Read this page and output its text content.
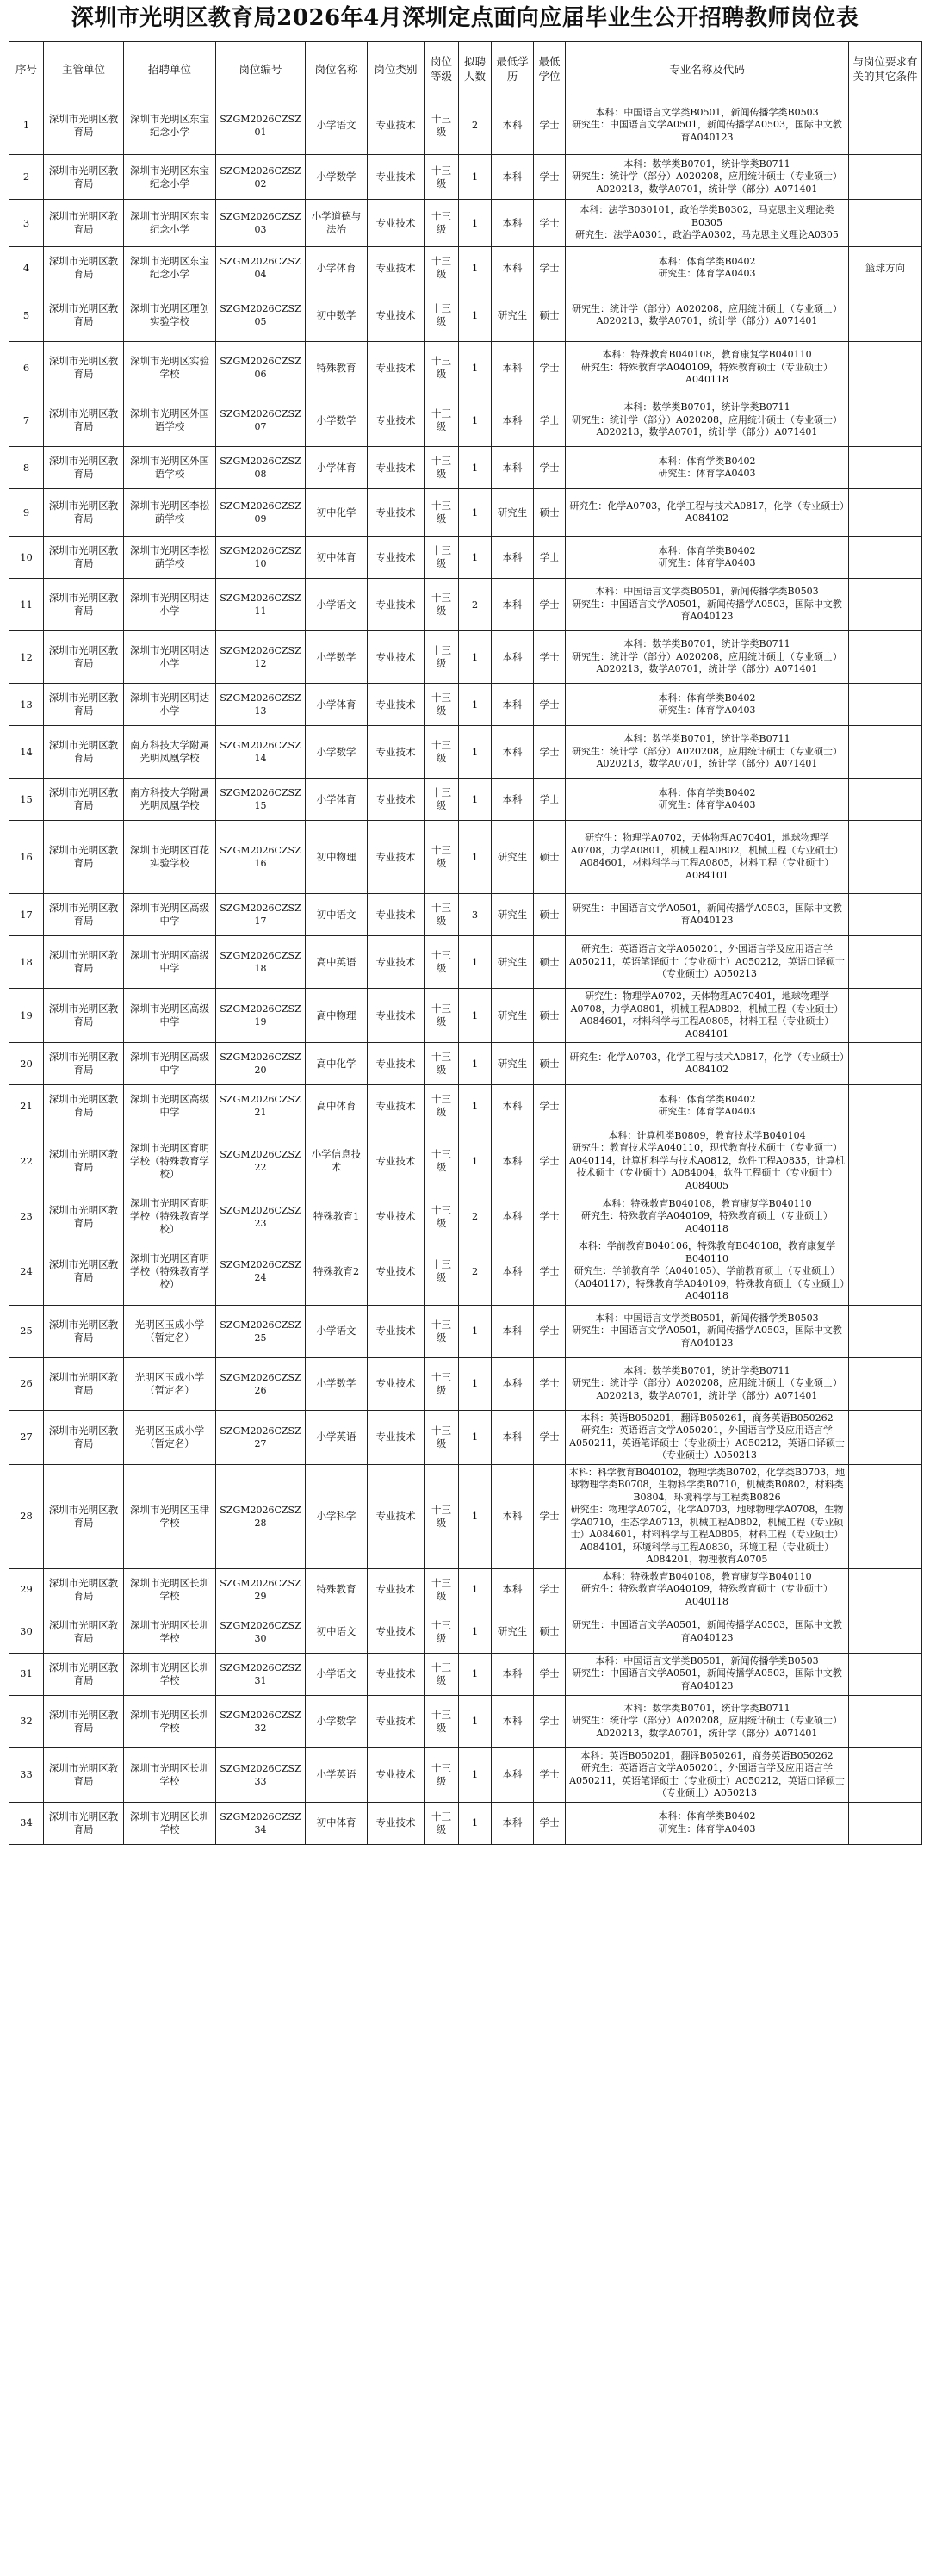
深圳市光明区教育局2026年4月深圳定点面向应届毕业生公开招聘教师岗位表
序号	主管单位	招聘单位	岗位编号	岗位名称	岗位类别	岗位等级	拟聘人数	最低学历	最低学位	专业名称及代码	与岗位要求有关的其它条件
1	深圳市光明区教育局	深圳市光明区东宝纪念小学	SZGM2026CZSZ01	小学语文	专业技术	十三级	2	本科	学士	本科：中国语言文学类B0501，新闻传播学类B0503
研究生：中国语言文学A0501，新闻传播学A0503，国际中文教育A040123	
2	深圳市光明区教育局	深圳市光明区东宝纪念小学	SZGM2026CZSZ02	小学数学	专业技术	十三级	1	本科	学士	本科：数学类B0701，统计学类B0711
研究生：统计学（部分）A020208，应用统计硕士（专业硕士）A020213，数学A0701，统计学（部分）A071401	
3	深圳市光明区教育局	深圳市光明区东宝纪念小学	SZGM2026CZSZ03	小学道德与法治	专业技术	十三级	1	本科	学士	本科：法学B030101，政治学类B0302，马克思主义理论类B0305
研究生：法学A0301，政治学A0302，马克思主义理论A0305	
4	深圳市光明区教育局	深圳市光明区东宝纪念小学	SZGM2026CZSZ04	小学体育	专业技术	十三级	1	本科	学士	本科：体育学类B0402
研究生：体育学A0403	篮球方向
5	深圳市光明区教育局	深圳市光明区理创实验学校	SZGM2026CZSZ05	初中数学	专业技术	十三级	1	研究生	硕士	研究生：统计学（部分）A020208，应用统计硕士（专业硕士）A020213，数学A0701，统计学（部分）A071401	
6	深圳市光明区教育局	深圳市光明区实验学校	SZGM2026CZSZ06	特殊教育	专业技术	十三级	1	本科	学士	本科：特殊教育B040108，教育康复学B040110
研究生：特殊教育学A040109，特殊教育硕士（专业硕士）A040118	
7	深圳市光明区教育局	深圳市光明区外国语学校	SZGM2026CZSZ07	小学数学	专业技术	十三级	1	本科	学士	本科：数学类B0701，统计学类B0711
研究生：统计学（部分）A020208，应用统计硕士（专业硕士）A020213，数学A0701，统计学（部分）A071401	
8	深圳市光明区教育局	深圳市光明区外国语学校	SZGM2026CZSZ08	小学体育	专业技术	十三级	1	本科	学士	本科：体育学类B0402
研究生：体育学A0403	
9	深圳市光明区教育局	深圳市光明区李松蓢学校	SZGM2026CZSZ09	初中化学	专业技术	十三级	1	研究生	硕士	研究生：化学A0703，化学工程与技术A0817，化学（专业硕士）A084102	
10	深圳市光明区教育局	深圳市光明区李松蓢学校	SZGM2026CZSZ10	初中体育	专业技术	十三级	1	本科	学士	本科：体育学类B0402
研究生：体育学A0403	
11	深圳市光明区教育局	深圳市光明区明达小学	SZGM2026CZSZ11	小学语文	专业技术	十三级	2	本科	学士	本科：中国语言文学类B0501，新闻传播学类B0503
研究生：中国语言文学A0501，新闻传播学A0503，国际中文教育A040123	
12	深圳市光明区教育局	深圳市光明区明达小学	SZGM2026CZSZ12	小学数学	专业技术	十三级	1	本科	学士	本科：数学类B0701，统计学类B0711
研究生：统计学（部分）A020208，应用统计硕士（专业硕士）A020213，数学A0701，统计学（部分）A071401	
13	深圳市光明区教育局	深圳市光明区明达小学	SZGM2026CZSZ13	小学体育	专业技术	十三级	1	本科	学士	本科：体育学类B0402
研究生：体育学A0403	
14	深圳市光明区教育局	南方科技大学附属光明凤凰学校	SZGM2026CZSZ14	小学数学	专业技术	十三级	1	本科	学士	本科：数学类B0701，统计学类B0711
研究生：统计学（部分）A020208，应用统计硕士（专业硕士）A020213，数学A0701，统计学（部分）A071401	
15	深圳市光明区教育局	南方科技大学附属光明凤凰学校	SZGM2026CZSZ15	小学体育	专业技术	十三级	1	本科	学士	本科：体育学类B0402
研究生：体育学A0403	
16	深圳市光明区教育局	深圳市光明区百花实验学校	SZGM2026CZSZ16	初中物理	专业技术	十三级	1	研究生	硕士	研究生：物理学A0702，天体物理A070401，地球物理学A0708，力学A0801，机械工程A0802，机械工程（专业硕士）A084601，材料科学与工程A0805，材料工程（专业硕士）A084101	
17	深圳市光明区教育局	深圳市光明区高级中学	SZGM2026CZSZ17	初中语文	专业技术	十三级	3	研究生	硕士	研究生：中国语言文学A0501，新闻传播学A0503，国际中文教育A040123	
18	深圳市光明区教育局	深圳市光明区高级中学	SZGM2026CZSZ18	高中英语	专业技术	十三级	1	研究生	硕士	研究生：英语语言文学A050201，外国语言学及应用语言学A050211，英语笔译硕士（专业硕士）A050212，英语口译硕士（专业硕士）A050213	
19	深圳市光明区教育局	深圳市光明区高级中学	SZGM2026CZSZ19	高中物理	专业技术	十三级	1	研究生	硕士	研究生：物理学A0702，天体物理A070401，地球物理学A0708，力学A0801，机械工程A0802，机械工程（专业硕士）A084601，材料科学与工程A0805，材料工程（专业硕士）A084101	
20	深圳市光明区教育局	深圳市光明区高级中学	SZGM2026CZSZ20	高中化学	专业技术	十三级	1	研究生	硕士	研究生：化学A0703，化学工程与技术A0817，化学（专业硕士）A084102	
21	深圳市光明区教育局	深圳市光明区高级中学	SZGM2026CZSZ21	高中体育	专业技术	十三级	1	本科	学士	本科：体育学类B0402
研究生：体育学A0403	
22	深圳市光明区教育局	深圳市光明区育明学校（特殊教育学校）	SZGM2026CZSZ22	小学信息技术	专业技术	十三级	1	本科	学士	本科：计算机类B0809，教育技术学B040104
研究生：教育技术学A040110，现代教育技术硕士（专业硕士）A040114，计算机科学与技术A0812，软件工程A0835，计算机技术硕士（专业硕士）A084004，软件工程硕士（专业硕士）A084005	
23	深圳市光明区教育局	深圳市光明区育明学校（特殊教育学校）	SZGM2026CZSZ23	特殊教育1	专业技术	十三级	2	本科	学士	本科：特殊教育B040108，教育康复学B040110
研究生：特殊教育学A040109，特殊教育硕士（专业硕士）A040118	
24	深圳市光明区教育局	深圳市光明区育明学校（特殊教育学校）	SZGM2026CZSZ24	特殊教育2	专业技术	十三级	2	本科	学士	本科：学前教育B040106，特殊教育B040108，教育康复学B040110
研究生：学前教育学（A040105）、学前教育硕士（专业硕士）（A040117），特殊教育学A040109，特殊教育硕士（专业硕士）A040118	
25	深圳市光明区教育局	光明区玉成小学（暂定名）	SZGM2026CZSZ25	小学语文	专业技术	十三级	1	本科	学士	本科：中国语言文学类B0501，新闻传播学类B0503
研究生：中国语言文学A0501，新闻传播学A0503，国际中文教育A040123	
26	深圳市光明区教育局	光明区玉成小学（暂定名）	SZGM2026CZSZ26	小学数学	专业技术	十三级	1	本科	学士	本科：数学类B0701，统计学类B0711
研究生：统计学（部分）A020208，应用统计硕士（专业硕士）A020213，数学A0701，统计学（部分）A071401	
27	深圳市光明区教育局	光明区玉成小学（暂定名）	SZGM2026CZSZ27	小学英语	专业技术	十三级	1	本科	学士	本科：英语B050201，翻译B050261，商务英语B050262
研究生：英语语言文学A050201，外国语言学及应用语言学A050211，英语笔译硕士（专业硕士）A050212，英语口译硕士（专业硕士）A050213	
28	深圳市光明区教育局	深圳市光明区玉律学校	SZGM2026CZSZ28	小学科学	专业技术	十三级	1	本科	学士	本科：科学教育B040102，物理学类B0702，化学类B0703，地球物理学类B0708，生物科学类B0710，机械类B0802，材料类B0804，环境科学与工程类B0826
研究生：物理学A0702，化学A0703，地球物理学A0708，生物学A0710，生态学A0713，机械工程A0802，机械工程（专业硕士）A084601，材料科学与工程A0805，材料工程（专业硕士）A084101，环境科学与工程A0830，环境工程（专业硕士）A084201，物理教育A0705	
29	深圳市光明区教育局	深圳市光明区长圳学校	SZGM2026CZSZ29	特殊教育	专业技术	十三级	1	本科	学士	本科：特殊教育B040108，教育康复学B040110
研究生：特殊教育学A040109，特殊教育硕士（专业硕士）A040118	
30	深圳市光明区教育局	深圳市光明区长圳学校	SZGM2026CZSZ30	初中语文	专业技术	十三级	1	研究生	硕士	研究生：中国语言文学A0501，新闻传播学A0503，国际中文教育A040123	
31	深圳市光明区教育局	深圳市光明区长圳学校	SZGM2026CZSZ31	小学语文	专业技术	十三级	1	本科	学士	本科：中国语言文学类B0501，新闻传播学类B0503
研究生：中国语言文学A0501，新闻传播学A0503，国际中文教育A040123	
32	深圳市光明区教育局	深圳市光明区长圳学校	SZGM2026CZSZ32	小学数学	专业技术	十三级	1	本科	学士	本科：数学类B0701，统计学类B0711
研究生：统计学（部分）A020208，应用统计硕士（专业硕士）A020213，数学A0701，统计学（部分）A071401	
33	深圳市光明区教育局	深圳市光明区长圳学校	SZGM2026CZSZ33	小学英语	专业技术	十三级	1	本科	学士	本科：英语B050201，翻译B050261，商务英语B050262
研究生：英语语言文学A050201，外国语言学及应用语言学A050211，英语笔译硕士（专业硕士）A050212，英语口译硕士（专业硕士）A050213	
34	深圳市光明区教育局	深圳市光明区长圳学校	SZGM2026CZSZ34	初中体育	专业技术	十三级	1	本科	学士	本科：体育学类B0402
研究生：体育学A0403	
